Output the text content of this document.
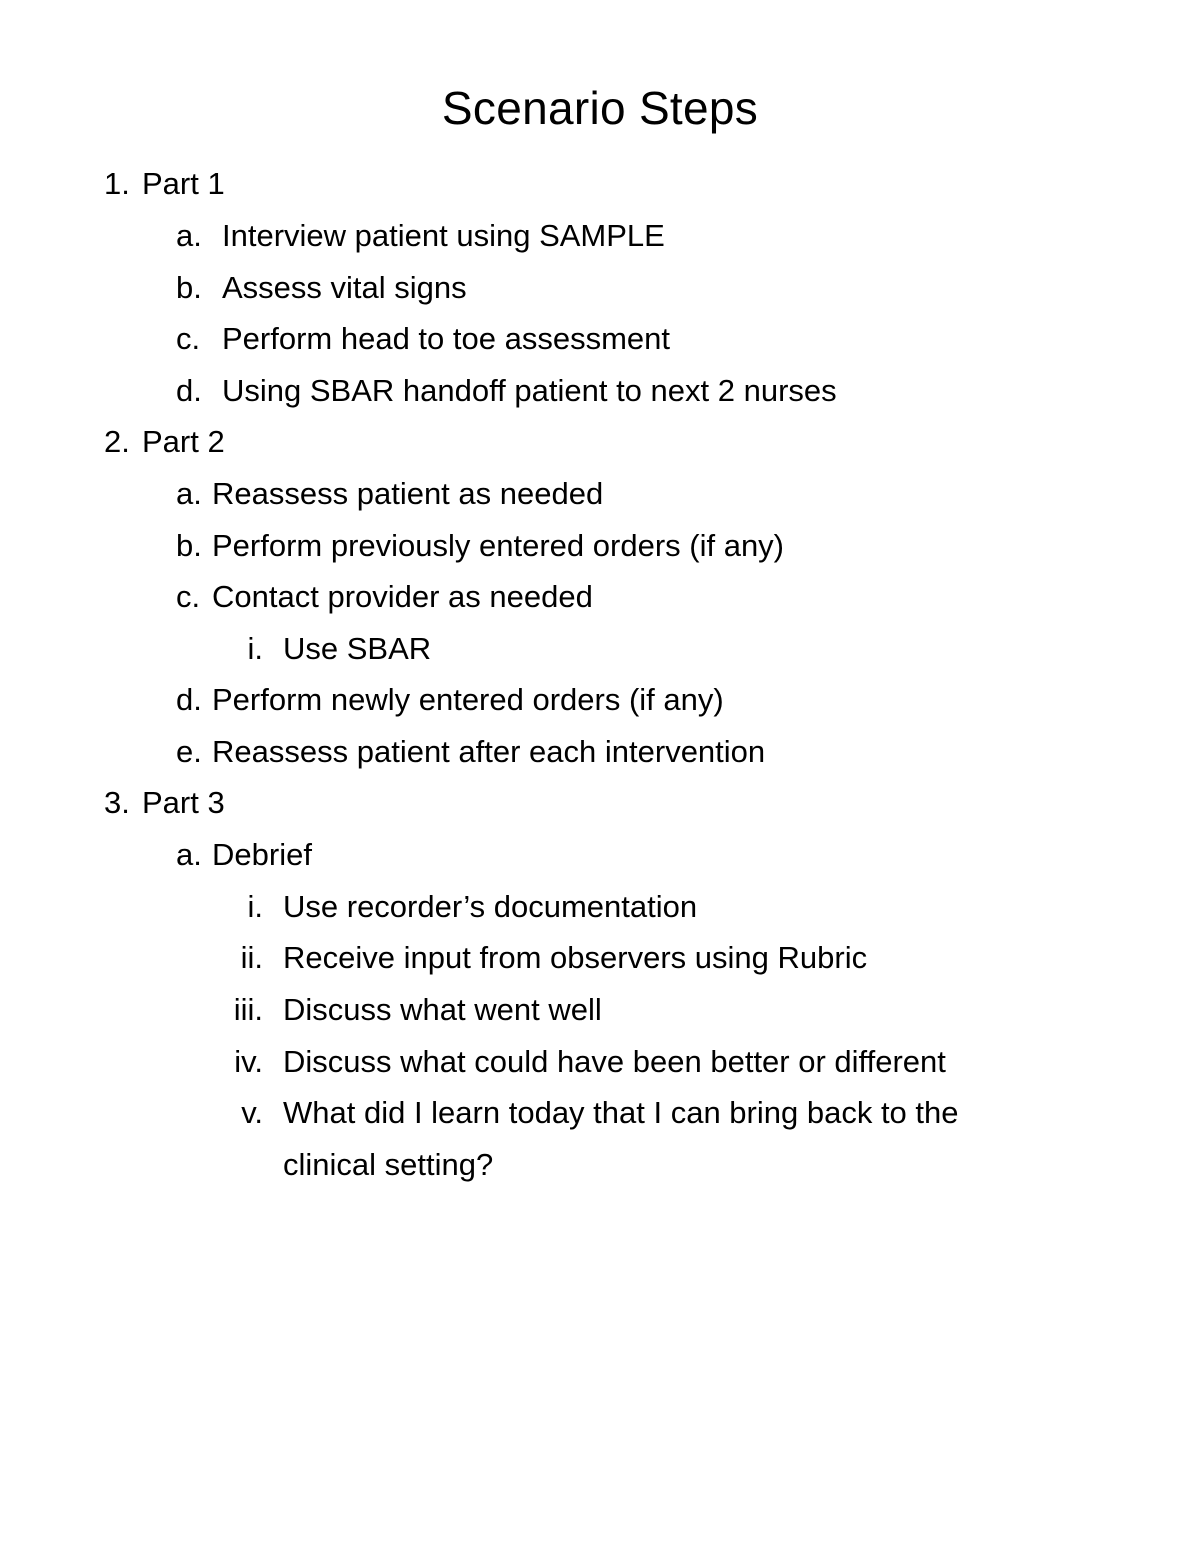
Scenario Steps
1. Part 1
a. Interview patient using SAMPLE
b. Assess vital signs
c. Perform head to toe assessment
d. Using SBAR handoff patient to next 2 nurses
2. Part 2
a. Reassess patient as needed
b. Perform previously entered orders (if any)
c. Contact provider as needed
i. Use SBAR
d. Perform newly entered orders (if any)
e. Reassess patient after each intervention
3. Part 3
a. Debrief
i. Use recorder’s documentation
ii. Receive input from observers using Rubric
iii. Discuss what went well
iv. Discuss what could have been better or different
v. What did I learn today that I can bring back to the
clinical setting?
